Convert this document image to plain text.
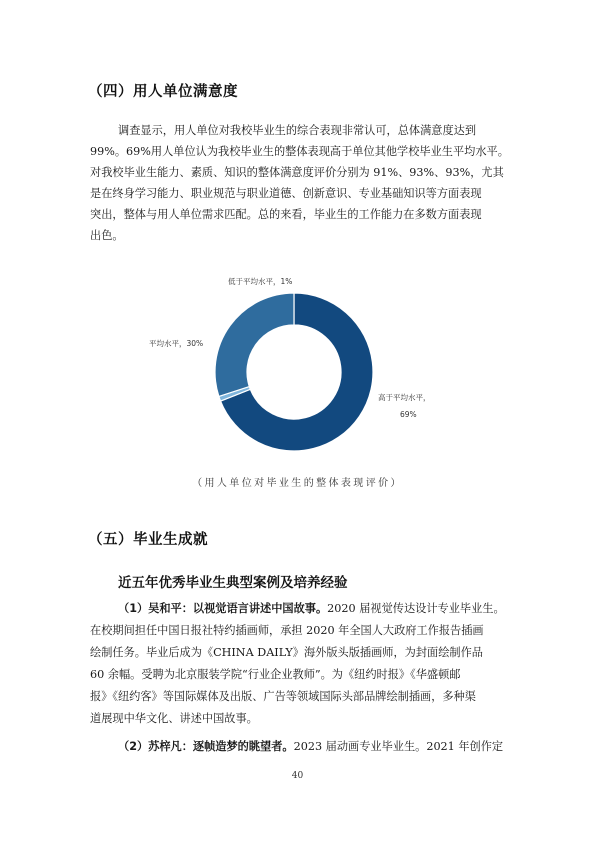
（四）用人单位满意度
调查显示，用人单位对我校毕业生的综合表现非常认可，总体满意度达到
99%。69%用人单位认为我校毕业生的整体表现高于单位其他学校毕业生平均水平。
对我校毕业生能力、素质、知识的整体满意度评价分别为 91%、93%、93%，尤其
是在终身学习能力、职业规范与职业道德、创新意识、专业基础知识等方面表现
突出，整体与用人单位需求匹配。总的来看，毕业生的工作能力在多数方面表现
出色。
高于平均水平，
69%
低于平均水平，1%
平均水平，30%
（用人单位对毕业生的整体表现评价）
（五）毕业生成就
近五年优秀毕业生典型案例及培养经验
（1）吴和平：以视觉语言讲述中国故事。2020 届视觉传达设计专业毕业生。
在校期间担任中国日报社特约插画师，承担 2020 年全国人大政府工作报告插画
绘制任务。毕业后成为《CHINA DAILY》海外版头版插画师，为封面绘制作品
60 余幅。受聘为北京服装学院“行业企业教师”。为《纽约时报》《华盛顿邮
报》《纽约客》等国际媒体及出版、广告等领域国际头部品牌绘制插画，多种渠
道展现中华文化、讲述中国故事。
（2）苏梓凡：逐帧造梦的眺望者。2023 届动画专业毕业生。2021 年创作定
40
